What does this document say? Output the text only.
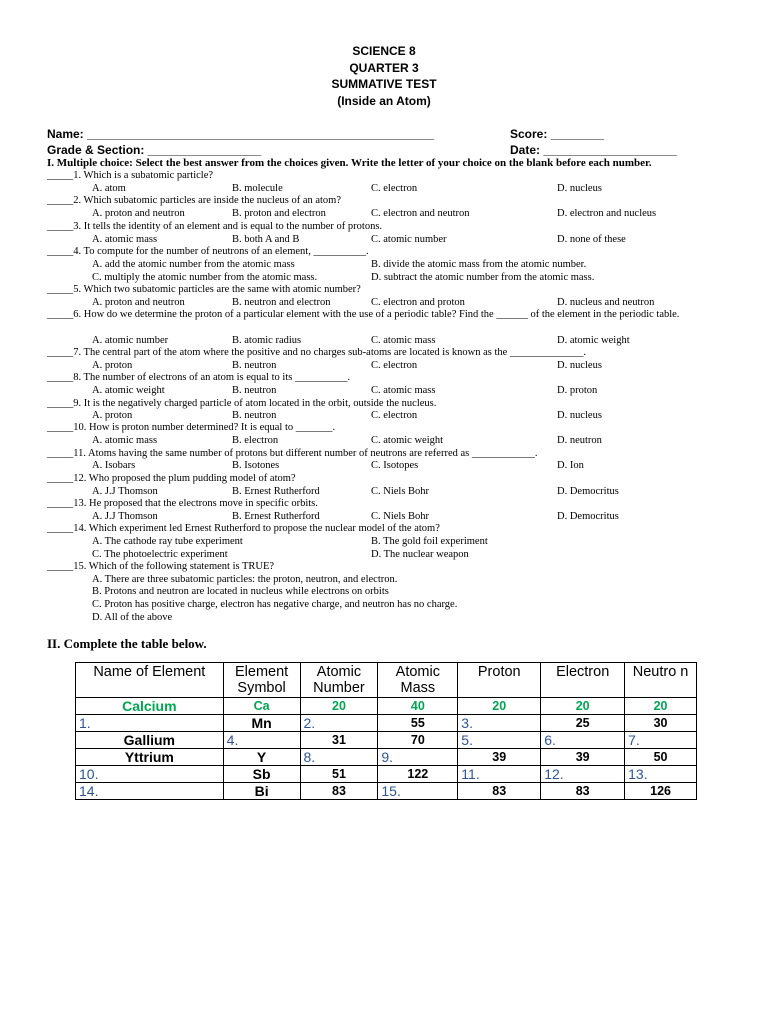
SCIENCE 8
QUARTER 3
SUMMATIVE TEST
(Inside an Atom)
Name: ____________________________________________________	Score: ________
Grade & Section: _________________	Date: ____________________
I. Multiple choice: Select the best answer from the choices given. Write the letter of your choice on the blank before each number.
_____1. Which is a subatomic particle?
A. atom	B. molecule	C. electron	D. nucleus
_____2. Which subatomic particles are inside the nucleus of an atom?
A. proton and neutron	B. proton and electron	C. electron and neutron	D. electron and nucleus
_____3. It tells the identity of an element and is equal to the number of protons.
A. atomic mass	B. both A and B	C. atomic number	D. none of these
_____4. To compute for the number of neutrons of an element, __________.
A. add the atomic number from the atomic mass	B. divide the atomic mass from the atomic number.
C. multiply the atomic number from the atomic mass.	D. subtract the atomic number from the atomic mass.
_____5. Which two subatomic particles are the same with atomic number?
A. proton and neutron	B. neutron and electron	C. electron and proton	D. nucleus and neutron
_____6. How do we determine the proton of a particular element with the use of a periodic table? Find the ______ of the element in the periodic table.
A. atomic number	B. atomic radius	C. atomic mass	D. atomic weight
_____7. The central part of the atom where the positive and no charges sub-atoms are located is known as the ______________.
A. proton	B. neutron	C. electron	D. nucleus
_____8. The number of electrons of an atom is equal to its __________.
A. atomic weight	B. neutron	C. atomic mass	D. proton
_____9. It is the negatively charged particle of atom located in the orbit, outside the nucleus.
A. proton	B. neutron	C. electron	D. nucleus
_____10. How is proton number determined? It is equal to _______.
A. atomic mass	B. electron	C. atomic weight	D. neutron
_____11. Atoms having the same number of protons but different number of neutrons are referred as ____________.
A. Isobars	B. Isotones	C. Isotopes	D. Ion
_____12. Who proposed the plum pudding model of atom?
A. J.J Thomson	B. Ernest Rutherford	C. Niels Bohr	D. Democritus
_____13. He proposed that the electrons move in specific orbits.
A. J.J Thomson	B. Ernest Rutherford	C. Niels Bohr	D. Democritus
_____14. Which experiment led Ernest Rutherford to propose the nuclear model of the atom?
A. The cathode ray tube experiment	B. The gold foil experiment
C. The photoelectric experiment	D. The nuclear weapon
_____15. Which of the following statement is TRUE?
A. There are three subatomic particles: the proton, neutron, and electron.
B. Protons and neutron are located in nucleus while electrons on orbits
C. Proton has positive charge, electron has negative charge, and neutron has no charge.
D. All of the above
II. Complete the table below.
Name of Element	Element Symbol	Atomic Number	Atomic Mass	Proton	Electron	Neutro n
Calcium	Ca	20	40	20	20	20
1.	Mn	2.	55	3.	25	30
Gallium	4.	31	70	5.	6.	7.
Yttrium	Y	8.	9.	39	39	50
10.	Sb	51	122	11.	12.	13.
14.	Bi	83	15.	83	83	126
